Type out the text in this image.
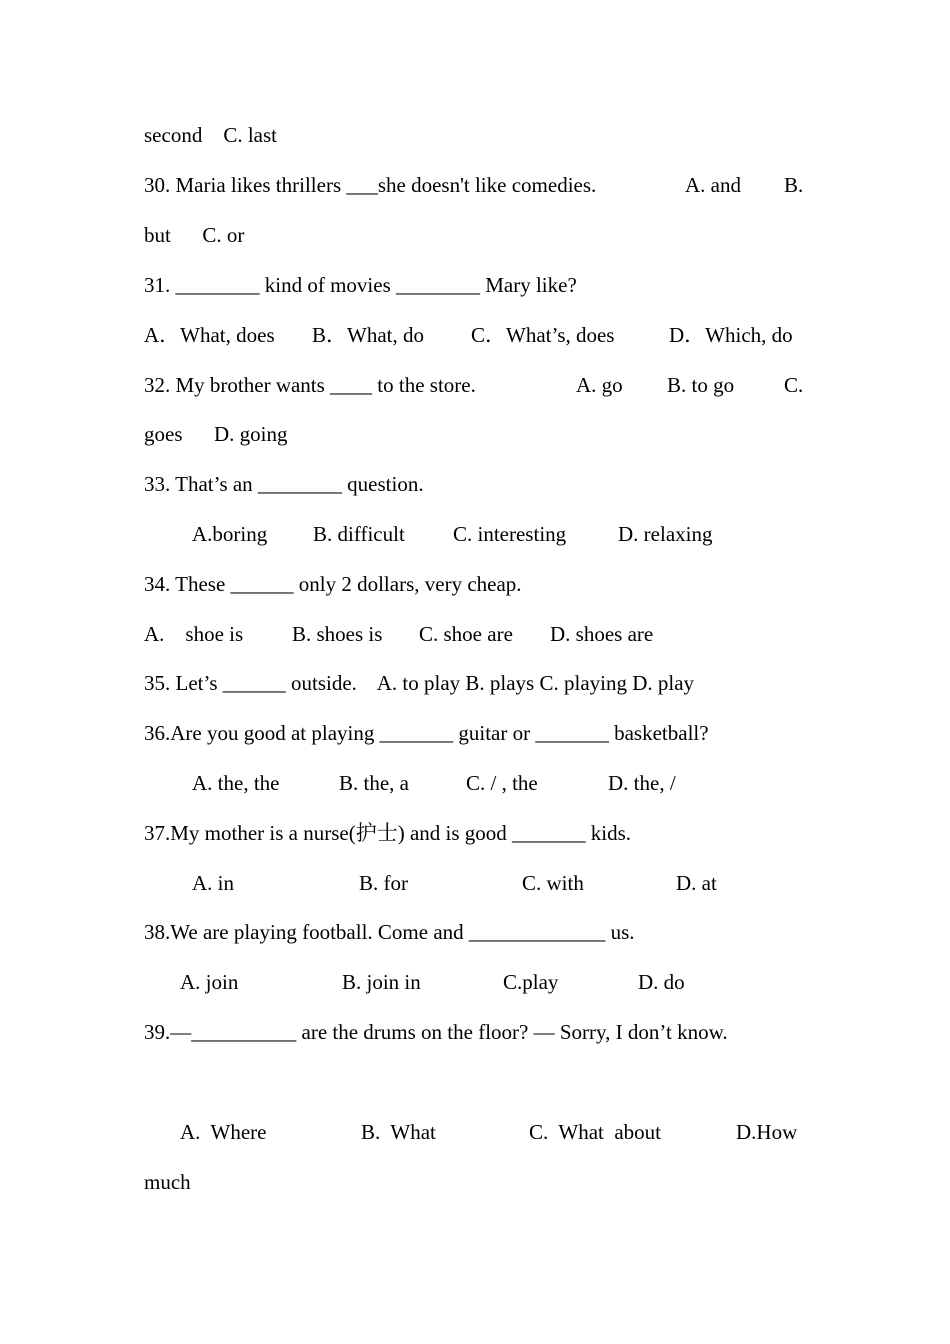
second    C. last
30. Maria likes thrillers ___she doesn't like comedies.	A. and B.
but      C. or
31. ________ kind of movies ________ Mary like?
A．What, does B．What, do C．What’s, does	D．Which, do
32. My brother wants ____ to the store.	A. go B. to go C.
goes      D. going
33. That’s an ________ question.
A.boring B. difficult C. interesting D. relaxing
34. These ______ only 2 dollars, very cheap.
A.    shoe is B. shoes is C. shoe are D. shoes are
35. Let’s ______ outside.    A. to play B. plays C. playing D. play
36.Are you good at playing _______ guitar or _______ basketball?
A. the, the	B. the, a	C. / , the	D. the, /
37.My mother is a nurse(护士) and is good _______ kids.
A. in	B. for	C. with	D. at
38.We are playing football. Come and _____________ us.
A. join	B. join in	C.play	D. do
39.—__________ are the drums on the floor? — Sorry, I don’t know.
A.  Where	B.  What	C.  What  about	D.How
much
